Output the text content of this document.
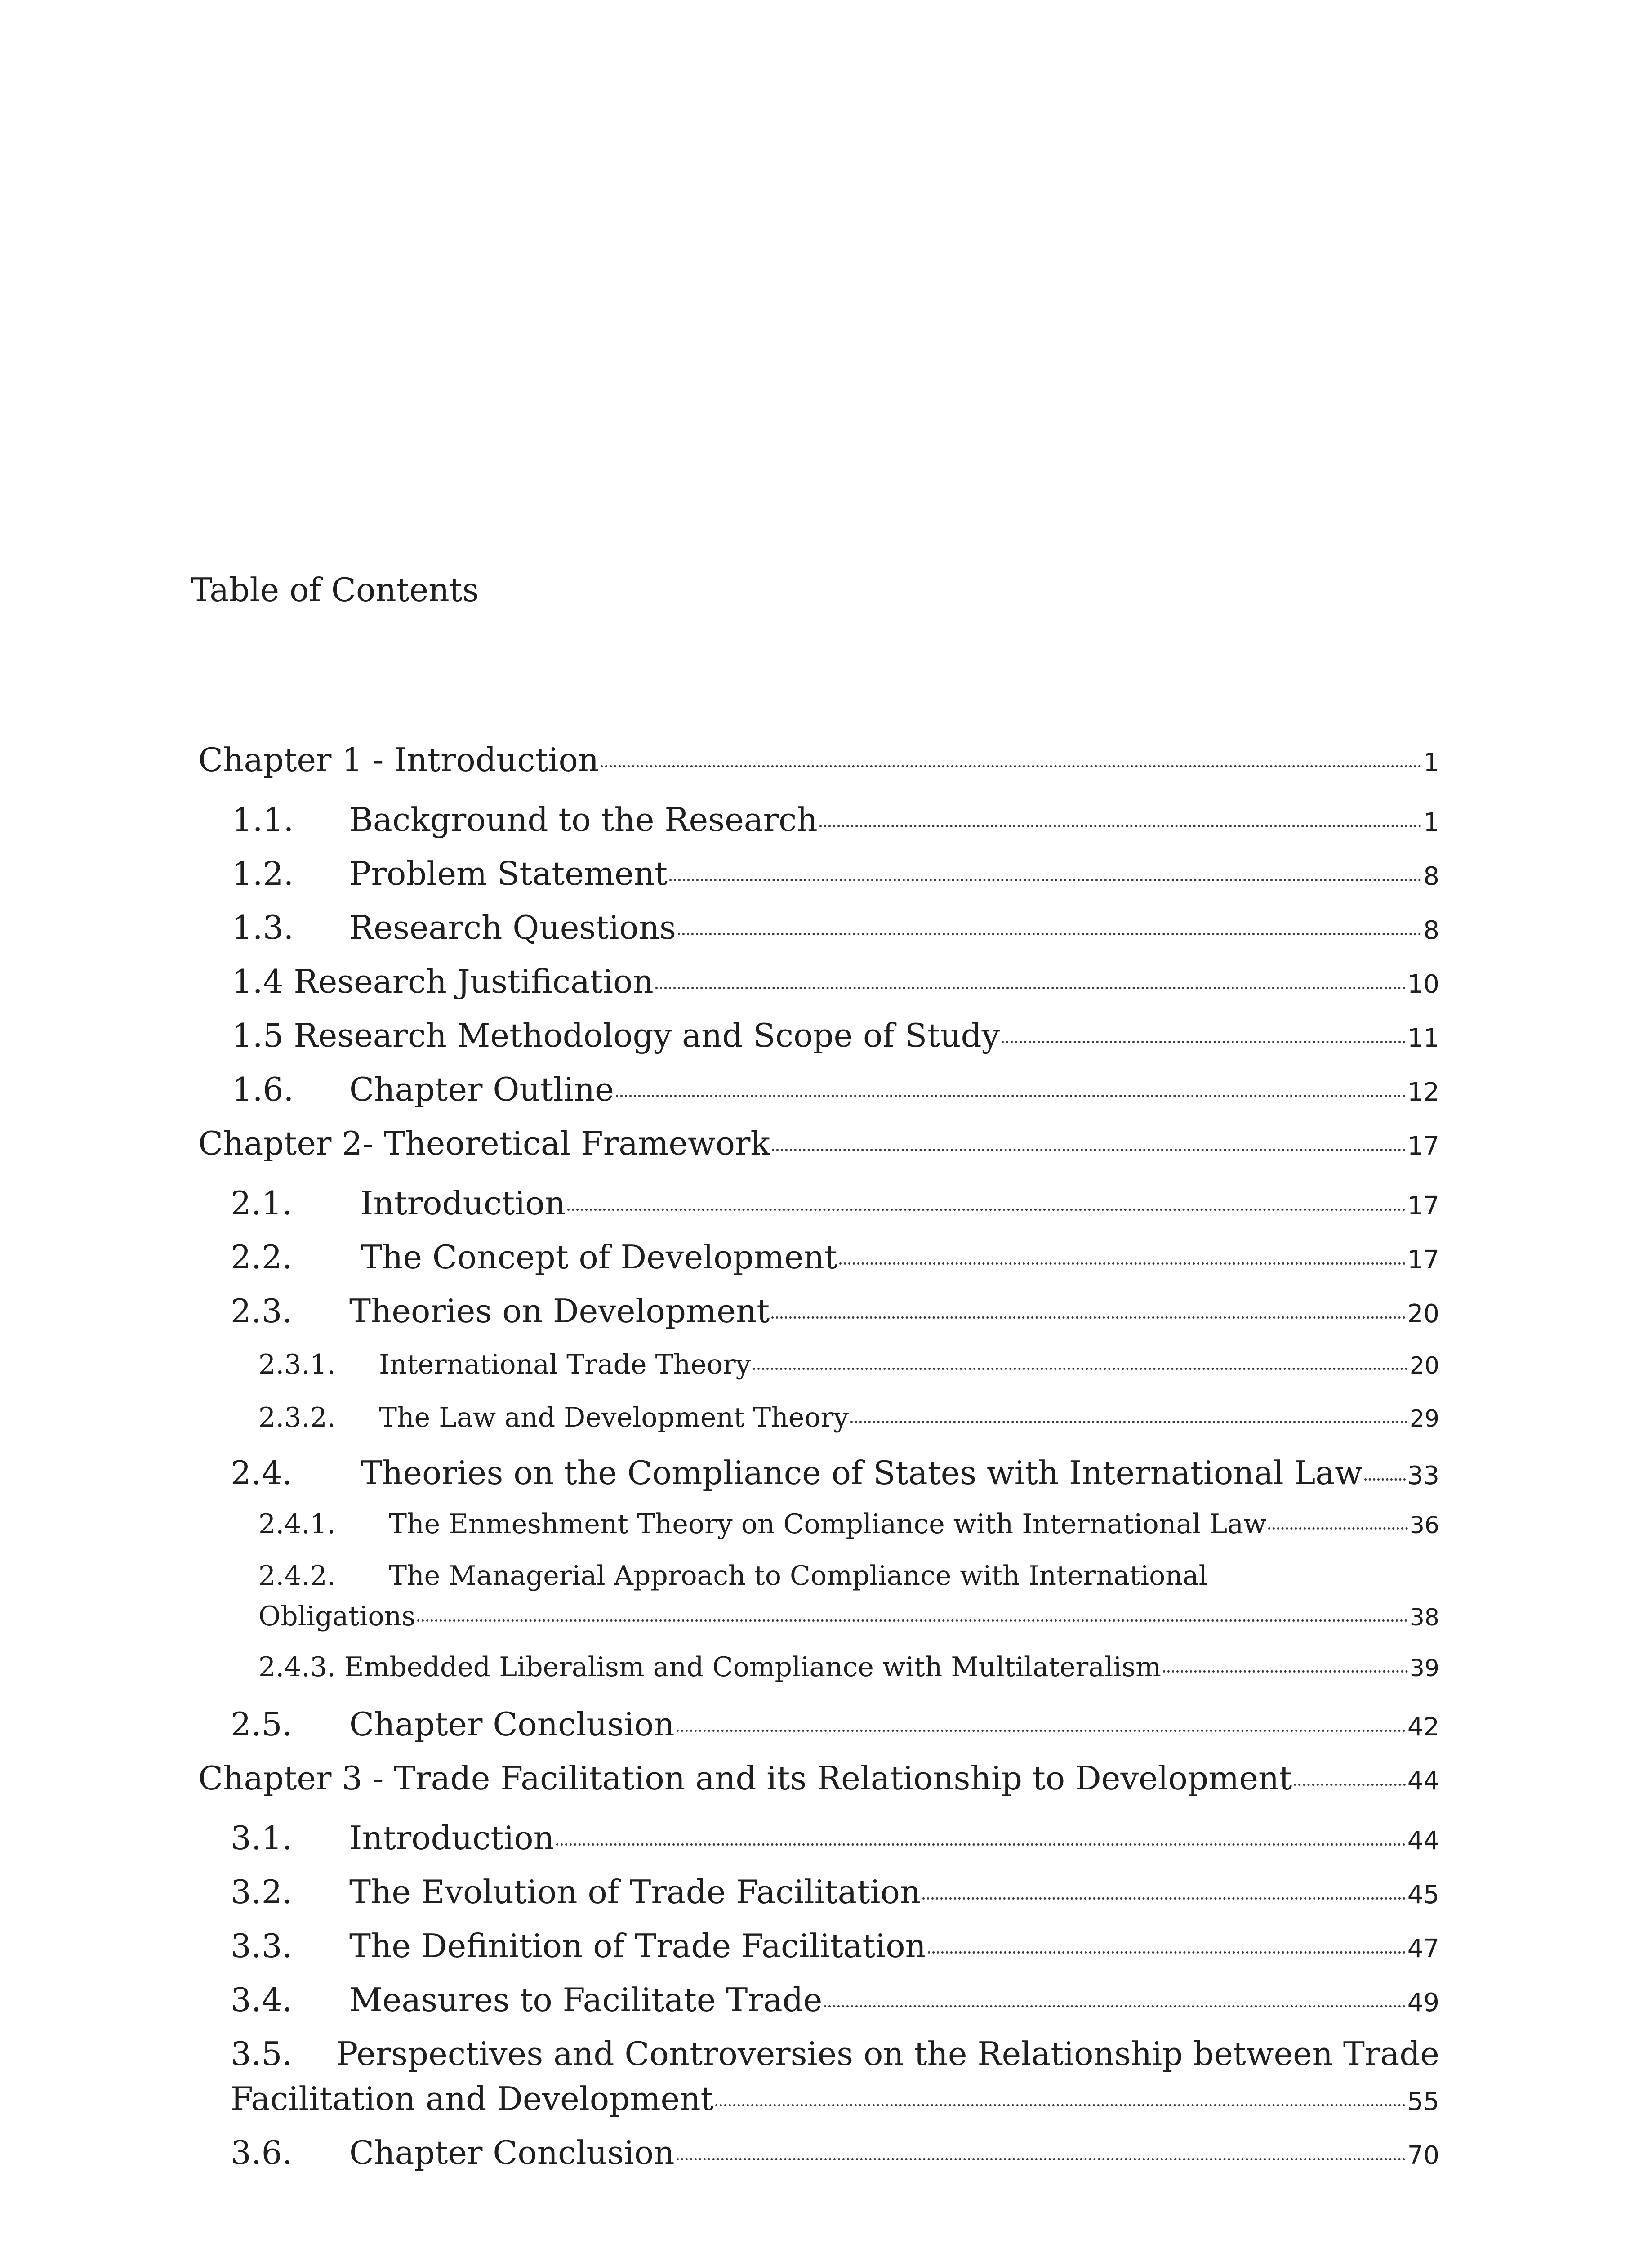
Table of Contents
Chapter 1 - Introduction	1
1.1.	Background to the Research	1
1.2.	Problem Statement	8
1.3.	Research Questions	8
1.4 Research Justification	10
1.5 Research Methodology and Scope of Study	11
1.6.	Chapter Outline	12
Chapter 2- Theoretical Framework	17
2.1.	Introduction	17
2.2.	The Concept of Development	17
2.3.	Theories on Development	20
2.3.1.	International Trade Theory	20
2.3.2.	The Law and Development Theory	29
2.4.	Theories on the Compliance of States with International Law 33
2.4.1.	The Enmeshment Theory on Compliance with International Law	36
2.4.2.	The Managerial Approach to Compliance with International
Obligations	38
2.4.3. Embedded Liberalism and Compliance with Multilateralism	39
2.5.	Chapter Conclusion	42
Chapter 3 - Trade Facilitation and its Relationship to Development	44
3.1.	Introduction	44
3.2.	The Evolution of Trade Facilitation	45
3.3.	The Definition of Trade Facilitation	47
3.4.	Measures to Facilitate Trade	49
3.5.	Perspectives and Controversies on the Relationship between Trade
Facilitation and Development	55
3.6.	Chapter Conclusion	70
